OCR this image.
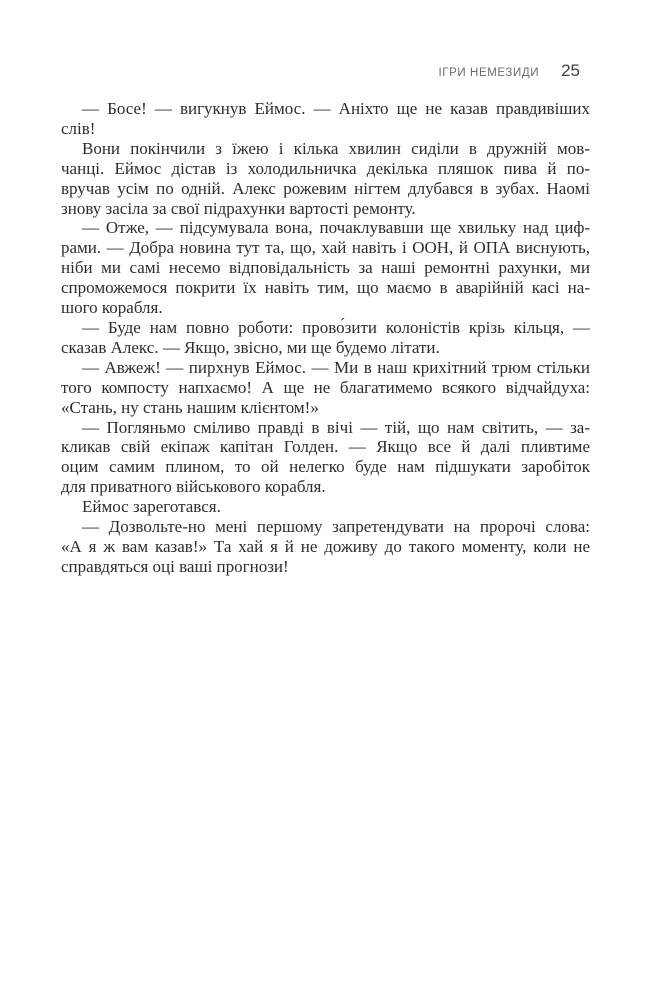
ІГРИ НЕМЕЗИДИ 25
— Босе! — вигукнув Еймос. — Аніхто ще не казав правдивіших
слів!
Вони покінчили з їжею і кілька хвилин сиділи в дружній мов-
чанці. Еймос дістав із холодильничка декілька пляшок пива й по-
вручав усім по одній. Алекс рожевим нігтем длубався в зубах. Наомі
знову засіла за свої підрахунки вартості ремонту.
— Отже, — підсумувала вона, почаклувавши ще хвильку над циф-
рами. — Добра новина тут та, що, хай навіть і ООН, й ОПА виснують,
ніби ми самі несемо відповідальність за наші ремонтні рахунки, ми
спроможемося покрити їх навіть тим, що маємо в аварійній касі на-
шого корабля.
— Буде нам повно роботи: прово́зити колоністів крізь кільця, —
сказав Алекс. — Якщо, звісно, ми ще будемо літати.
— Авжеж! — пирхнув Еймос. — Ми в наш крихітний трюм стільки
того компосту напхаємо! А ще не благатимемо всякого відчайдуха:
«Стань, ну стань нашим клієнтом!»
— Погляньмо сміливо правді в вічі — тій, що нам світить, — за-
кликав свій екіпаж капітан Голден. — Якщо все й далі пливтиме
оцим самим плином, то ой нелегко буде нам підшукати заробіток
для приватного військового корабля.
Еймос зареготався.
— Дозвольте-но мені першому запретендувати на пророчі слова:
«А я ж вам казав!» Та хай я й не доживу до такого моменту, коли не
справдяться оці ваші прогнози!
